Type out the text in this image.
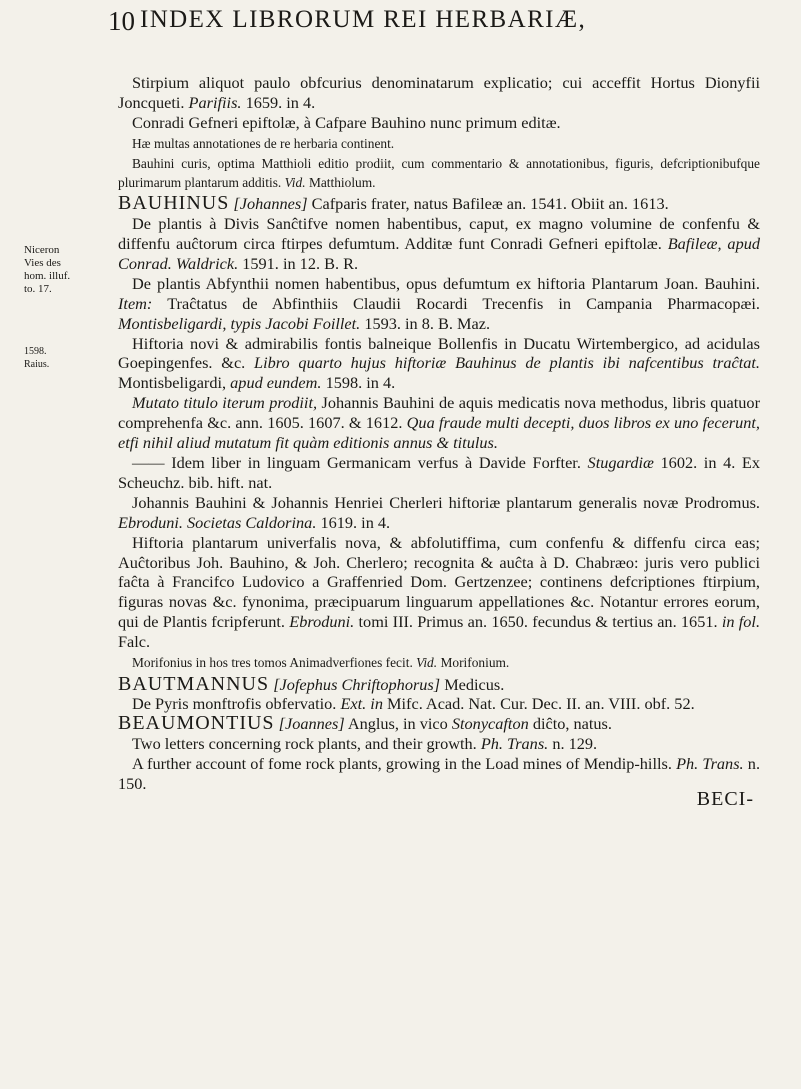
10 INDEX LIBRORUM REI HERBARIÆ,
Niceron
Vies des
hom. illuf.
to. 17.
1598.
Raius.

Stirpium aliquot paulo obfcurius denominatarum explicatio; cui acceffit Hortus Dionyfii Joncqueti. Parifiis. 1659. in 4.

Conradi Gefneri epiftolæ, à Cafpare Bauhino nunc primum editæ.

Hæ multas annotationes de re herbaria continent.

Bauhini curis, optima Matthioli editio prodiit, cum commentario & annotationibus, figuris, defcriptionibufque plurimarum plantarum additis. Vid. Matthiolum.

BAUHINUS [Johannes] Cafparis frater, natus Bafileæ an. 1541. Obiit an. 1613.

De plantis à Divis Sanĉtifve nomen habentibus, caput, ex magno volumine de confenfu & diffenfu auĉtorum circa ftirpes defumtum. Additæ funt Conradi Gefneri epiftolæ. Bafileæ, apud Conrad. Waldrick. 1591. in 12. B. R.

De plantis Abfynthii nomen habentibus, opus defumtum ex hiftoria Plantarum Joan. Bauhini. Item: Traĉtatus de Abfinthiis Claudii Rocardi Trecenfis in Campania Pharmacopæi. Montisbeligardi, typis Jacobi Foillet. 1593. in 8. B. Maz.

Hiftoria novi & admirabilis fontis balneique Bollenfis in Ducatu Wirtembergico, ad acidulas Goepingenfes. &c. Libro quarto hujus hiftoriæ Bauhinus de plantis ibi nafcentibus traĉtat. Montisbeligardi, apud eundem. 1598. in 4.

Mutato titulo iterum prodiit, Johannis Bauhini de aquis medicatis nova methodus, libris quatuor comprehenfa &c. ann. 1605. 1607. & 1612. Qua fraude multi decepti, duos libros ex uno fecerunt, etfi nihil aliud mutatum fit quàm editionis annus & titulus.

—— Idem liber in linguam Germanicam verfus à Davide Forfter. Stugardiæ 1602. in 4. Ex Scheuchz. bib. hift. nat.

Johannis Bauhini & Johannis Henriei Cherleri hiftoriæ plantarum generalis novæ Prodromus. Ebroduni. Societas Caldorina. 1619. in 4.

Hiftoria plantarum univerfalis nova, & abfolutiffima, cum confenfu & diffenfu circa eas; Auĉtoribus Joh. Bauhino, & Joh. Cherlero; recognita & auĉta à D. Chabræo: juris vero publici faĉta à Francifco Ludovico a Graffenried Dom. Gertzenzee; continens defcriptiones ftirpium, figuras novas &c. fynonima, præcipuarum linguarum appellationes &c. Notantur errores eorum, qui de Plantis fcripferunt. Ebroduni. tomi III. Primus an. 1650. fecundus & tertius an. 1651. in fol. Falc.

Morifonius in hos tres tomos Animadverfiones fecit. Vid. Morifonium.

BAUTMANNUS [Jofephus Chriftophorus] Medicus.

De Pyris monftrofis obfervatio. Ext. in Mifc. Acad. Nat. Cur. Dec. II. an. VIII. obf. 52.

BEAUMONTIUS [Joannes] Anglus, in vico Stonycafton diĉto, natus.

Two letters concerning rock plants, and their growth. Ph. Trans. n. 129.

A further account of fome rock plants, growing in the Load mines of Mendip-hills. Ph. Trans. n. 150.

BECI-
